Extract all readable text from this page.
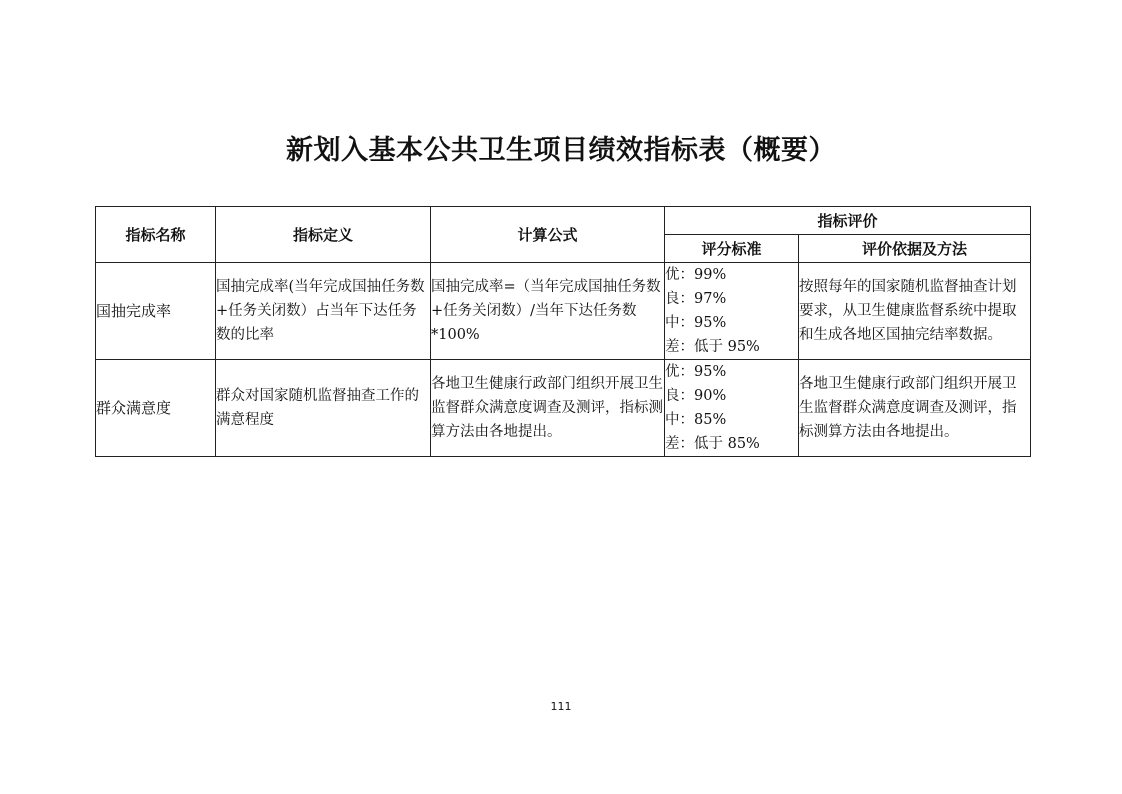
新划入基本公共卫生项目绩效指标表（概要）
指标名称	指标定义	计算公式	指标评价	
			评分标准	评价依据及方法
国抽完成率	国抽完成率(当年完成国抽任务数+任务关闭数）占当年下达任务数的比率	国抽完成率=（当年完成国抽任务数+任务关闭数）/当年下达任务数*100%	优：99%
良：97%
中：95%
差：低于 95%	按照每年的国家随机监督抽查计划要求，从卫生健康监督系统中提取和生成各地区国抽完结率数据。

群众满意度	群众对国家随机监督抽查工作的满意程度	各地卫生健康行政部门组织开展卫生监督群众满意度调查及测评，指标测算方法由各地提出。	优：95%
良：90%
中：85%
差：低于 85%	各地卫生健康行政部门组织开展卫生监督群众满意度调查及测评，指标测算方法由各地提出。
111
